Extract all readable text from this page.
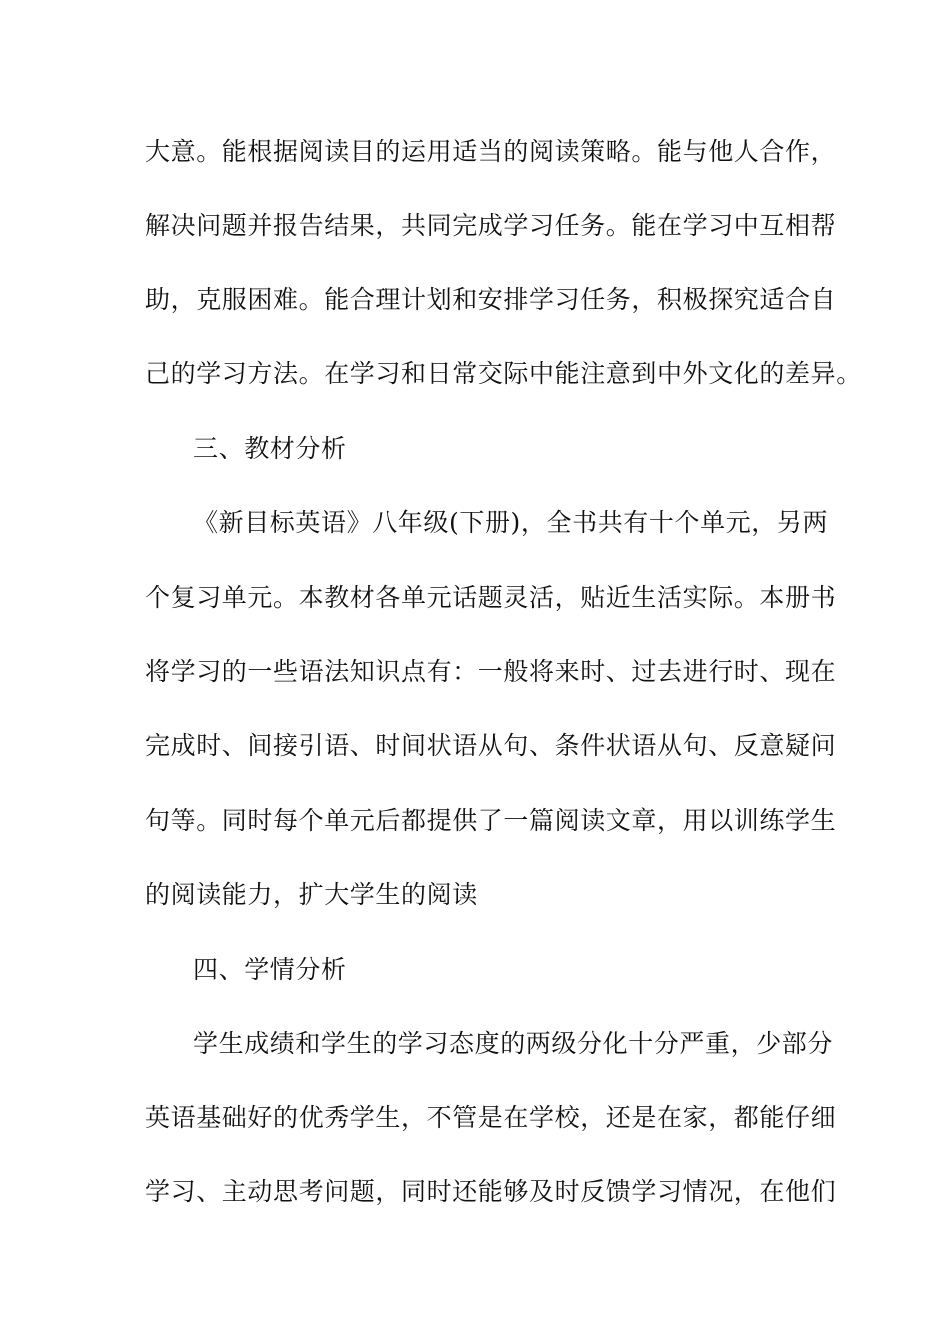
大意。能根据阅读目的运用适当的阅读策略。能与他人合作，
解决问题并报告结果，共同完成学习任务。能在学习中互相帮
助，克服困难。能合理计划和安排学习任务，积极探究适合自
己的学习方法。在学习和日常交际中能注意到中外文化的差异。
三、教材分析
《新目标英语》八年级(下册)，全书共有十个单元，另两
个复习单元。本教材各单元话题灵活，贴近生活实际。本册书
将学习的一些语法知识点有：一般将来时、过去进行时、现在
完成时、间接引语、时间状语从句、条件状语从句、反意疑问
句等。同时每个单元后都提供了一篇阅读文章，用以训练学生
的阅读能力，扩大学生的阅读
四、学情分析
学生成绩和学生的学习态度的两级分化十分严重，少部分
英语基础好的优秀学生，不管是在学校，还是在家，都能仔细
学习、主动思考问题，同时还能够及时反馈学习情况，在他们
